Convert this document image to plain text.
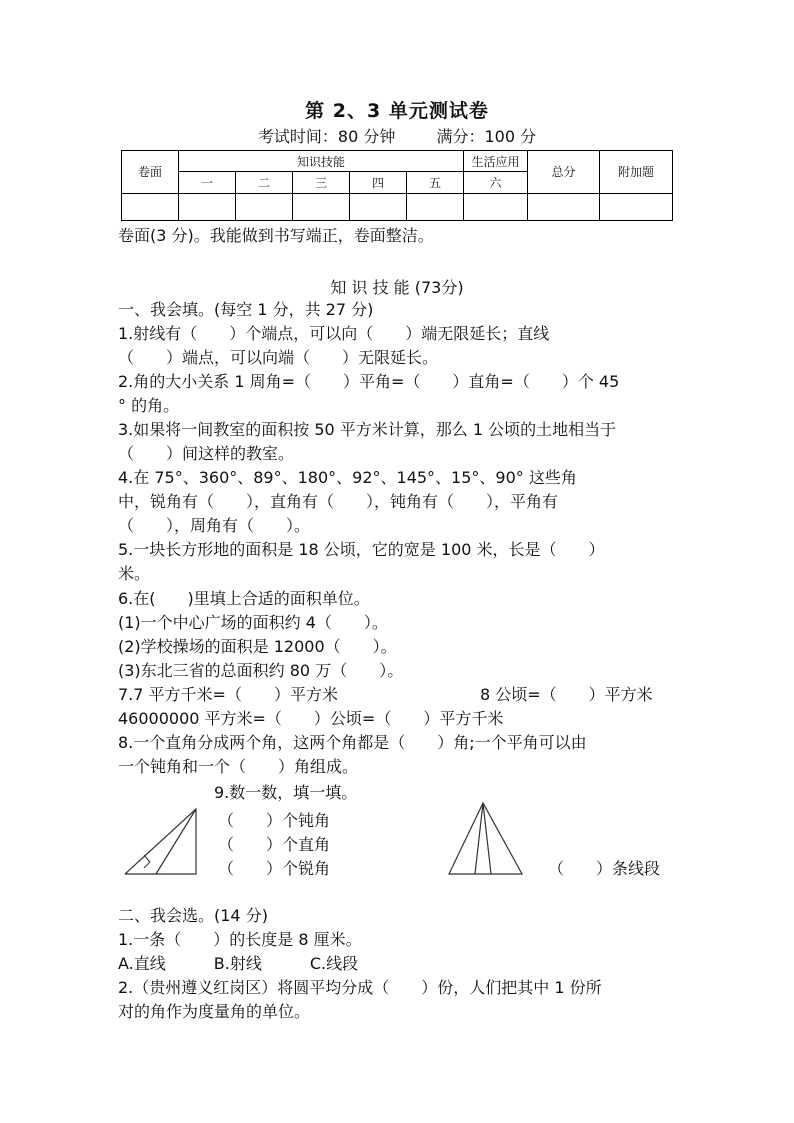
第 2、3 单元测试卷
考试时间：80 分钟	满分：100 分
卷面	知识技能					生活应用	总分	附加题
	一	二	三	四	五	六		

卷面(3 分)。我能做到书写端正，卷面整洁。
知 识 技 能 (73分)
一、我会填。(每空 1 分，共 27 分)
1.射线有（　　）个端点，可以向（　　）端无限延长；直线
（　　）端点，可以向端（　　）无限延长。
2.角的大小关系 1 周角=（　　）平角=（　　）直角=（　　）个 45
° 的角。
3.如果将一间教室的面积按 50 平方米计算，那么 1 公顷的土地相当于
（　　）间这样的教室。
4.在 75°、360°、89°、180°、92°、145°、15°、90° 这些角
中，锐角有（　　），直角有（　　），钝角有（　　），平角有
（　　），周角有（　　）。
5.一块长方形地的面积是 18 公顷，它的宽是 100 米，长是（　　）
米。
6.在(　　)里填上合适的面积单位。
(1)一个中心广场的面积约 4（　　）。
(2)学校操场的面积是 12000（　　）。
(3)东北三省的总面积约 80 万（　　）。
7.7 平方千米=（　　）平方米	8 公顷=（　　）平方米
46000000 平方米=（　　）公顷=（　　）平方千米
8.一个直角分成两个角，这两个角都是（　　）角;一个平角可以由
一个钝角和一个（　　）角组成。
9.数一数，填一填。
（　　）个钝角
（　　）个直角
（　　）个锐角	（　　）条线段
二、我会选。(14 分)
1.一条（　　）的长度是 8 厘米。
A.直线　　　B.射线　　　C.线段
2.（贵州遵义红岗区）将圆平均分成（　　）份，人们把其中 1 份所
对的角作为度量角的单位。
